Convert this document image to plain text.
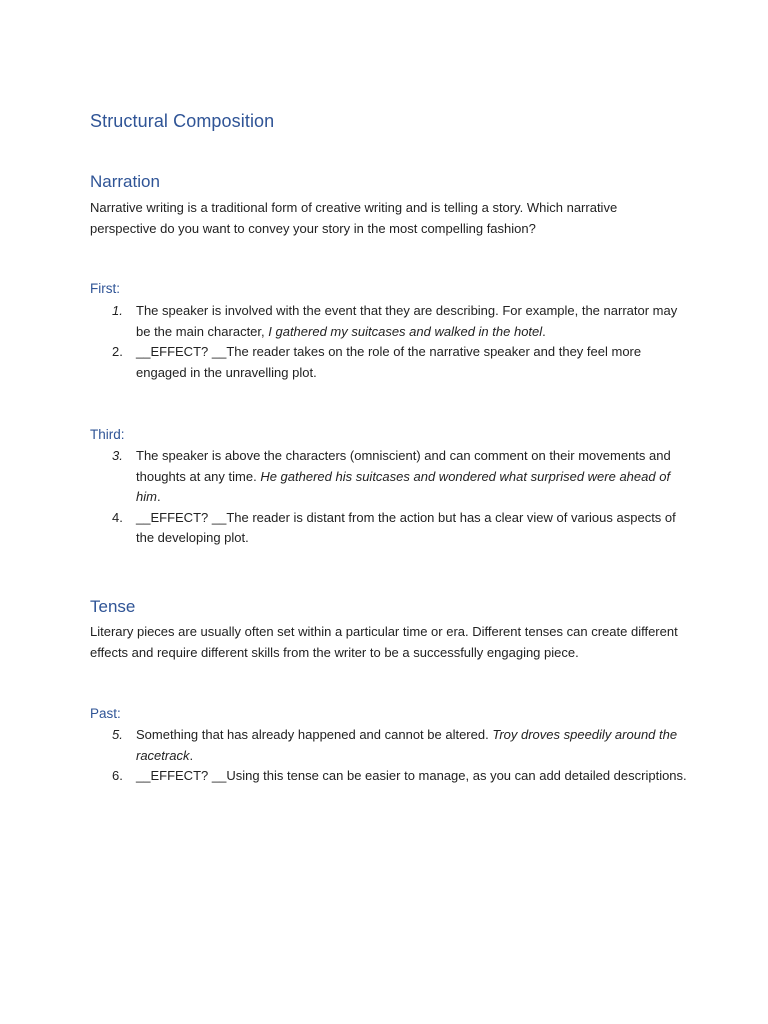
Structural Composition
Narration

Narrative writing is a traditional form of creative writing and is telling a story. Which narrative perspective do you want to convey your story in the most compelling fashion?

First:
1.	The speaker is involved with the event that they are describing. For example, the narrator may be the main character, I gathered my suitcases and walked in the hotel.
2.	__EFFECT? __The reader takes on the role of the narrative speaker and they feel more engaged in the unravelling plot.
Third:
3.	The speaker is above the characters (omniscient) and can comment on their movements and thoughts at any time. He gathered his suitcases and wondered what surprised were ahead of him.
4.	__EFFECT? __The reader is distant from the action but has a clear view of various aspects of the developing plot.
Tense

Literary pieces are usually often set within a particular time or era. Different tenses can create different effects and require different skills from the writer to be a successfully engaging piece.

Past:
5.	Something that has already happened and cannot be altered. Troy droves speedily around the racetrack.
6.	__EFFECT? __Using this tense can be easier to manage, as you can add detailed descriptions.
